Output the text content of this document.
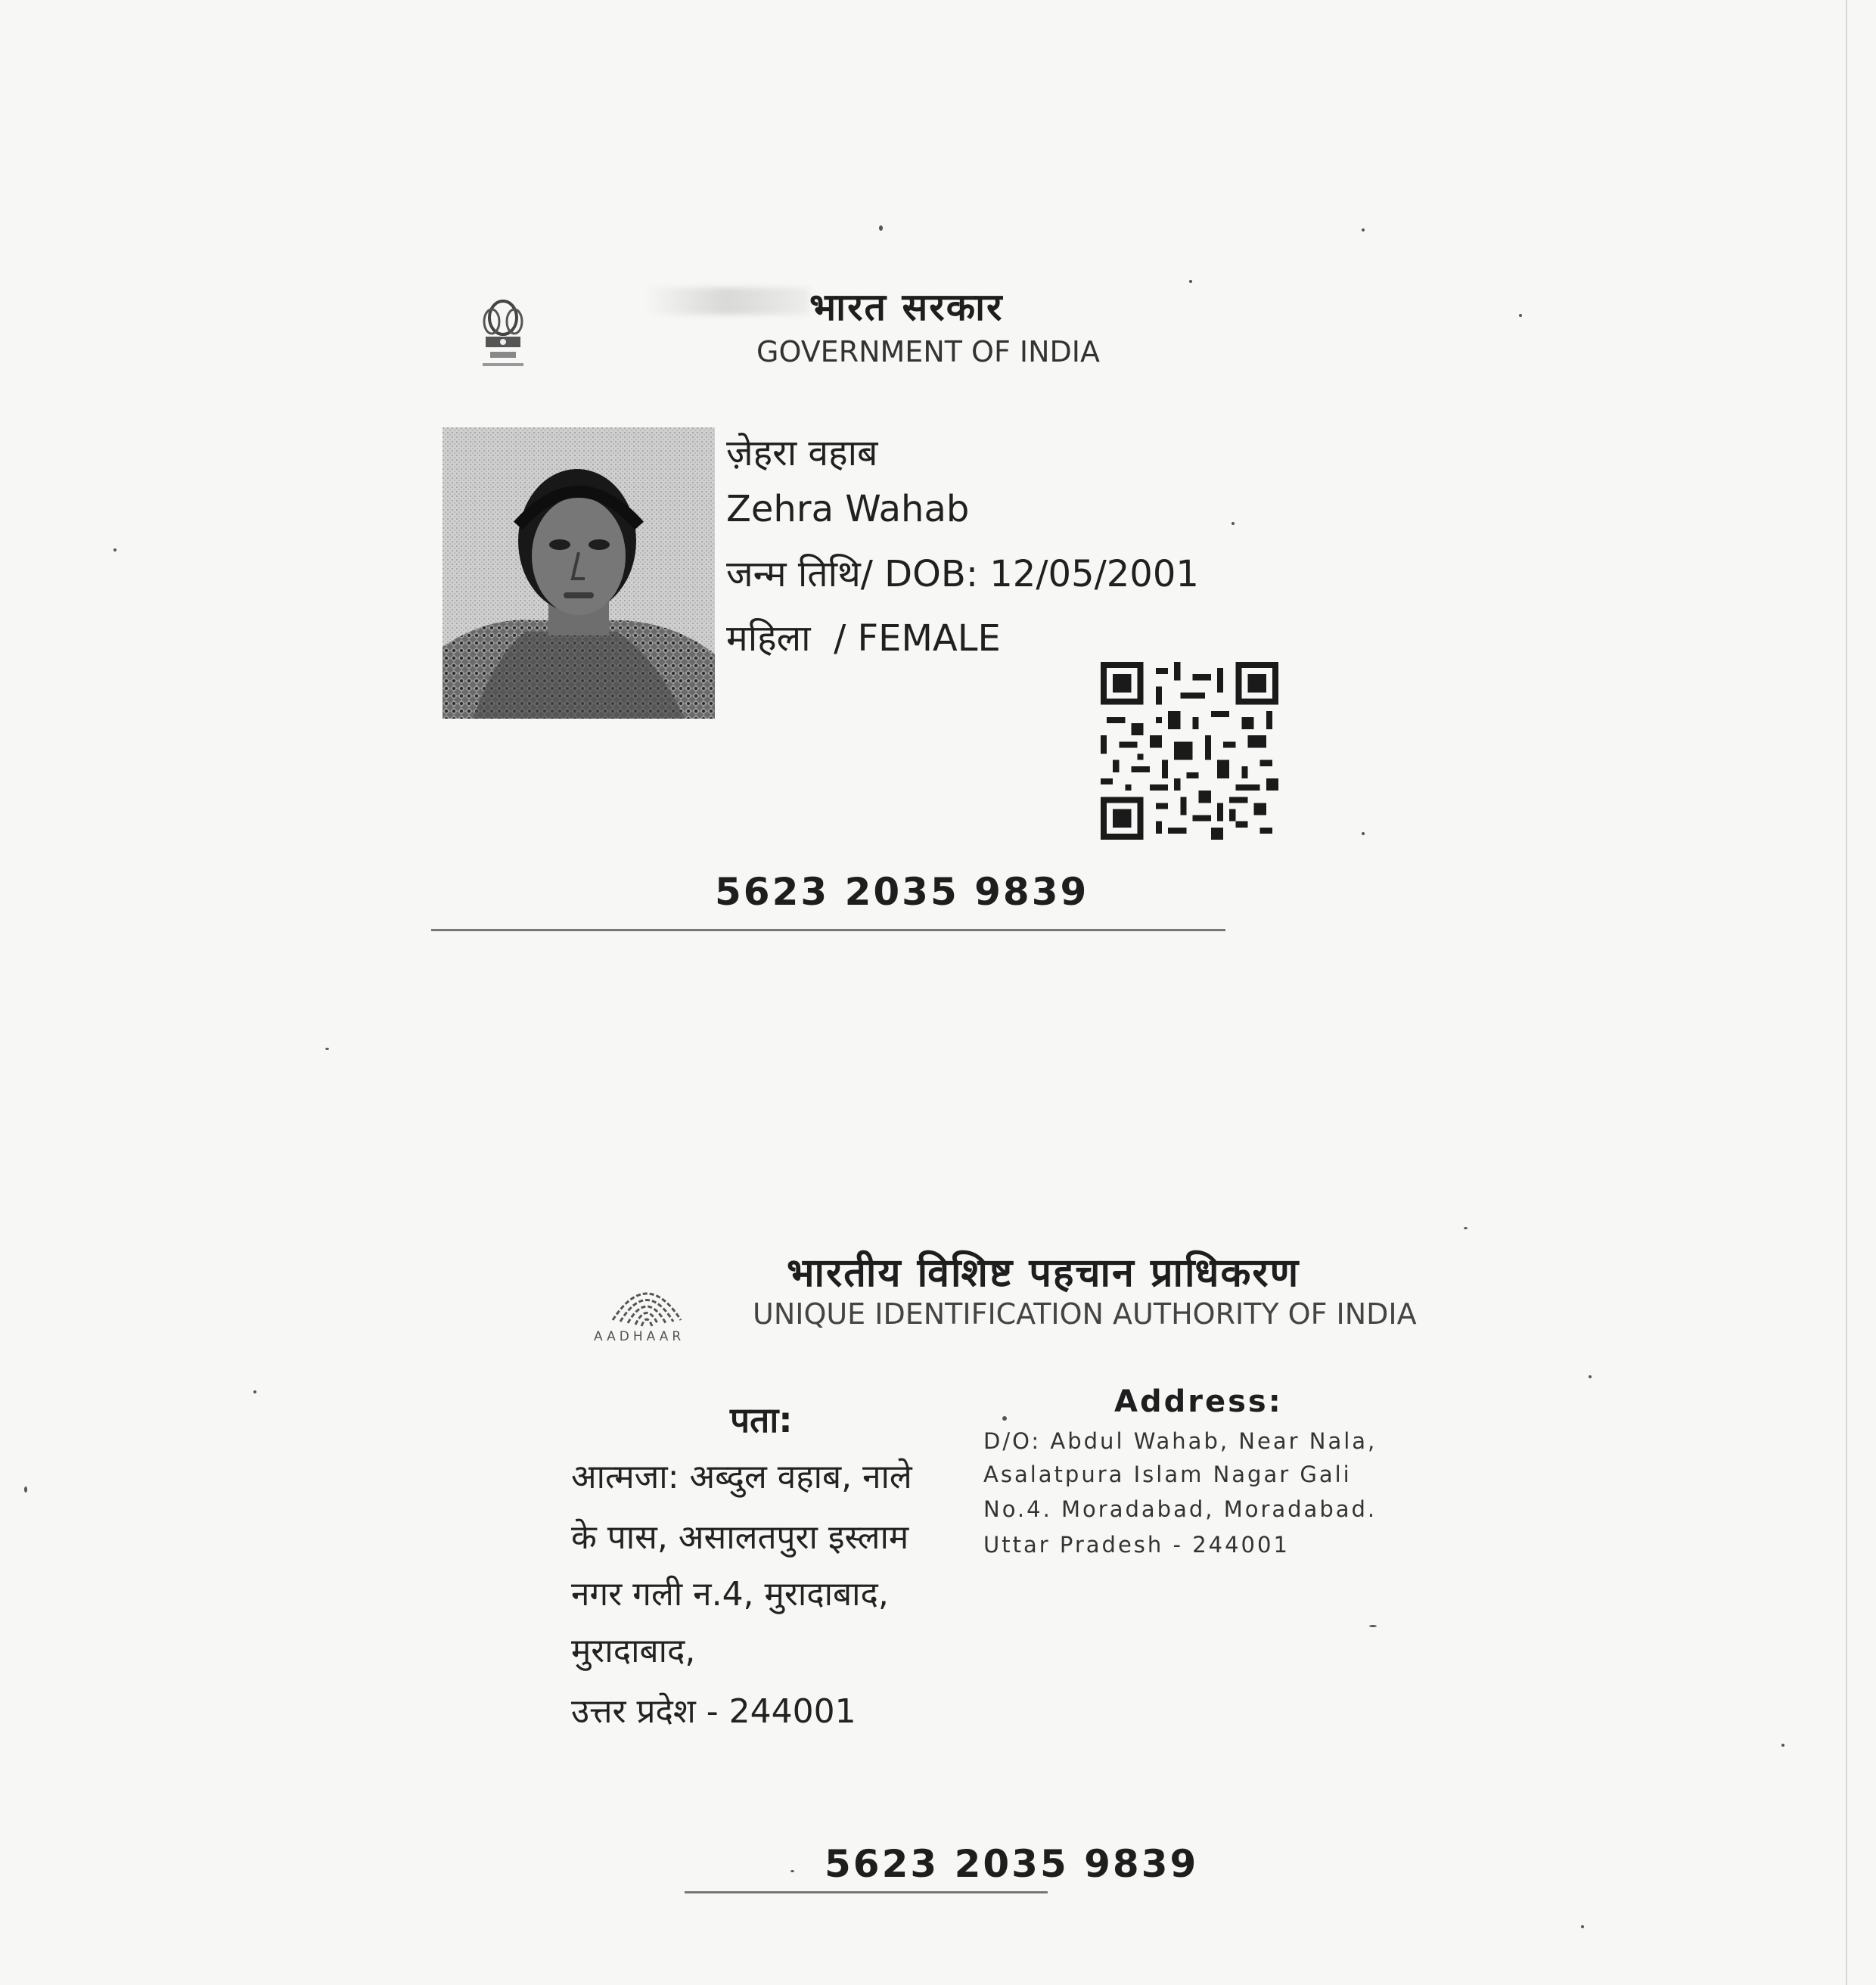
भारत सरकार
GOVERNMENT OF INDIA
ज़ेहरा वहाब
Zehra Wahab
जन्म तिथि/ DOB: 12/05/2001
महिला  / FEMALE
5623 2035 9839
AADHAAR
भारतीय विशिष्ट पहचान प्राधिकरण
UNIQUE IDENTIFICATION AUTHORITY OF INDIA
पता:	Address:
आत्मजा: अब्दुल वहाब, नाले
के पास, असालतपुरा इस्लाम
नगर गली न.4, मुरादाबाद,
मुरादाबाद,
उत्तर प्रदेश - 244001
D/O: Abdul Wahab, Near Nala,
Asalatpura Islam Nagar Gali
No.4. Moradabad, Moradabad.
Uttar Pradesh - 244001
5623 2035 9839
